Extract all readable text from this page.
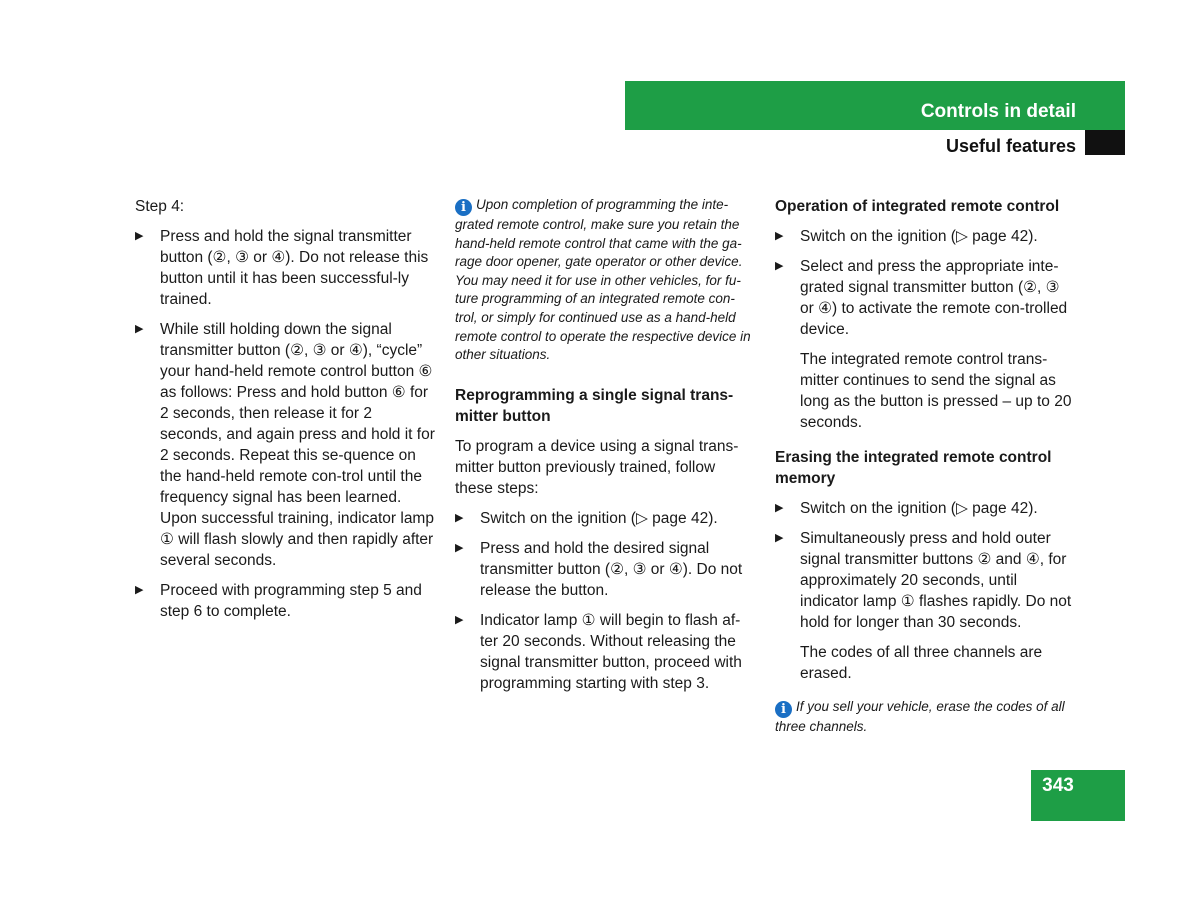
Controls in detail
Useful features

Step 4:

▶ Press and hold the signal transmitter button (②, ③ or ④). Do not release this button until it has been successful-ly trained.
▶ While still holding down the signal transmitter button (②, ③ or ④), “cycle” your hand-held remote control button ⑥ as follows: Press and hold button ⑥ for 2 seconds, then release it for 2 seconds, and again press and hold it for 2 seconds. Repeat this se-quence on the hand-held remote con-trol until the frequency signal has been learned. Upon successful training, indicator lamp ① will flash slowly and then rapidly after several seconds.
▶ Proceed with programming step 5 and step 6 to complete.
i Upon completion of programming the inte-grated remote control, make sure you retain the hand-held remote control that came with the ga-rage door opener, gate operator or other device. You may need it for use in other vehicles, for fu-ture programming of an integrated remote con-trol, or simply for continued use as a hand-held remote control to operate the respective device in other situations.

Reprogramming a single signal trans-mitter button

To program a device using a signal trans-mitter button previously trained, follow these steps:

▶ Switch on the ignition (▷ page 42).
▶ Press and hold the desired signal transmitter button (②, ③ or ④). Do not release the button.
▶ Indicator lamp ① will begin to flash af-ter 20 seconds. Without releasing the signal transmitter button, proceed with programming starting with step 3.

Operation of integrated remote control

▶ Switch on the ignition (▷ page 42).
▶ Select and press the appropriate inte-grated signal transmitter button (②, ③ or ④) to activate the remote con-trolled device.

The integrated remote control trans-mitter continues to send the signal as long as the button is pressed – up to 20 seconds.

Erasing the integrated remote control memory

▶ Switch on the ignition (▷ page 42).
▶ Simultaneously press and hold outer signal transmitter buttons ② and ④, for approximately 20 seconds, until indicator lamp ① flashes rapidly. Do not hold for longer than 30 seconds.

The codes of all three channels are erased.

i If you sell your vehicle, erase the codes of all three channels.
343
